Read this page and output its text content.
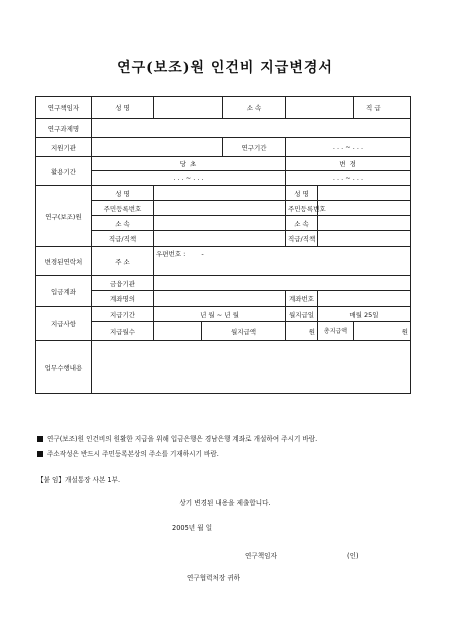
연구(보조)원 인건비 지급변경서
연구책임자	성 명			소 속			직 급
연구과제명							
지원기관				연구기간	. . . ~ . . .		
활용기간	당 초				변 경		
	. . . ~ . . .				. . . ~ . . .		
연구(보조)원	성 명				성 명		
	주민등록번호				주민등록번호		
	소 속				소 속		
	직급/직책				직급/직책		
변경된연락처	주 소	우편번호 : -					
입금계좌	금융기관						
	계좌명의				계좌번호		
지급사항	지급기간	년 월 ~ 년 월			월지급일	매월 25일	
	지급월수		월지급액		원	총지급액	원
업무수행내용							
연구(보조)원 인건비의 원활한 지급을 위해 입금은행은 경남은행 계좌로 개설하여 주시기 바람.
주소작성은 반드시 주민등록본상의 주소를 기재하시기 바람.
【붙 임】개설통장 사본 1부.
상기 변경된 내용을 제출합니다.
2005년 월 일
연구책임자	(인)
연구협력처장 귀하
